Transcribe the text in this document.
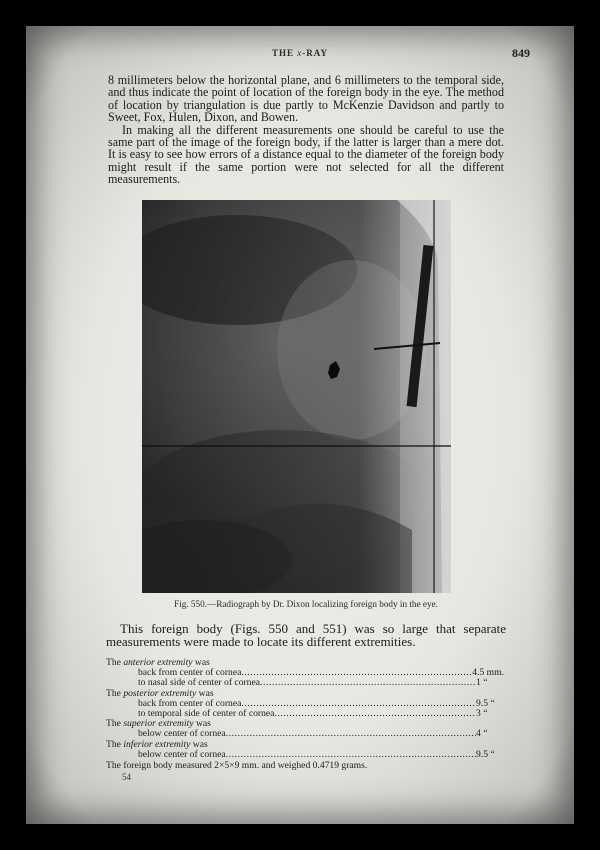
THE x-RAY	849

8 millimeters below the horizontal plane, and 6 millimeters to the temporal side, and thus indicate the point of location of the foreign body in the eye. The method of location by triangulation is due partly to McKenzie Davidson and partly to Sweet, Fox, Hulen, Dixon, and Bowen.

In making all the different measurements one should be careful to use the same part of the image of the foreign body, if the latter is larger than a mere dot. It is easy to see how errors of a distance equal to the diameter of the foreign body might result if the same portion were not selected for all the different measurements.

Fig. 550.—Radiograph by Dr. Dixon localizing foreign body in the eye.

This foreign body (Figs. 550 and 551) was so large that separate measurements were made to locate its different extremities.

The anterior extremity was
back from center of cornea .....	4.5 mm.
to nasal side of center of cornea .....	1 “
The posterior extremity was
back from center of cornea .....	9.5 “
to temporal side of center of cornea .....	3 “
The superior extremity was
below center of cornea .....	4 “
The inferior extremity was
below center of cornea .....	9.5 “
The foreign body measured 2×5×9 mm. and weighed 0.4719 grams.
54
